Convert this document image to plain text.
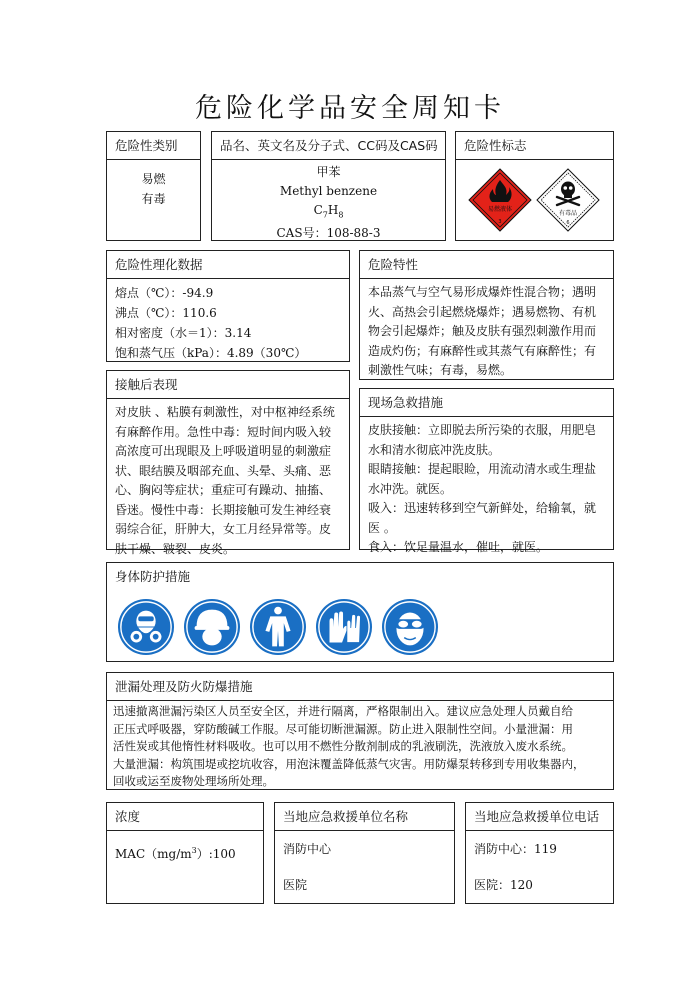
危险化学品安全周知卡
危险性类别
易燃
有毒
品名、英文名及分子式、CC码及CAS码
甲苯
Methyl benzene
$C_7H_8$
CAS号：108-88-3
危险性标志
易燃液体
3
有毒品
6
危险性理化数据
熔点（℃）：-94.9
沸点（℃）：110.6
相对密度（水＝1）：3.14
饱和蒸气压（kPa）：4.89（30℃）
危险特性
本品蒸气与空气易形成爆炸性混合物；遇明
火、高热会引起燃烧爆炸；遇易燃物、有机
物会引起爆炸；触及皮肤有强烈刺激作用而
造成灼伤；有麻醉性或其蒸气有麻醉性；有
刺激性气味；有毒，易燃。
接触后表现
对皮肤 、粘膜有刺激性，对中枢神经系统
有麻醉作用。急性中毒：短时间内吸入较
高浓度可出现眼及上呼吸道明显的刺激症
状、眼结膜及咽部充血、头晕、头痛、恶
心、胸闷等症状；重症可有躁动、抽搐、
昏迷。慢性中毒：长期接触可发生神经衰
弱综合征，肝肿大，女工月经异常等。皮
肤干燥、皲裂、皮炎。
现场急救措施
皮肤接触：立即脱去所污染的衣服，用肥皂
水和清水彻底冲洗皮肤。
眼睛接触：提起眼睑，用流动清水或生理盐
水冲洗。就医。
吸入：迅速转移到空气新鲜处，给输氧，就
医 。
食入：饮足量温水，催吐，就医。
身体防护措施
泄漏处理及防火防爆措施
迅速撤离泄漏污染区人员至安全区，并进行隔离，严格限制出入。建议应急处理人员戴自给
正压式呼吸器，穿防酸碱工作服。尽可能切断泄漏源。防止进入限制性空间。小量泄漏：用
活性炭或其他惰性材料吸收。也可以用不燃性分散剂制成的乳液刷洗，洗液放入废水系统。
大量泄漏：构筑围堤或挖坑收容，用泡沫覆盖降低蒸气灾害。用防爆泵转移到专用收集器内，
回收或运至废物处理场所处理。
浓度
$MAC(mg/m^3):100$
当地应急救援单位名称
消防中心
医院
当地应急救援单位电话
消防中心：119
医院：120
